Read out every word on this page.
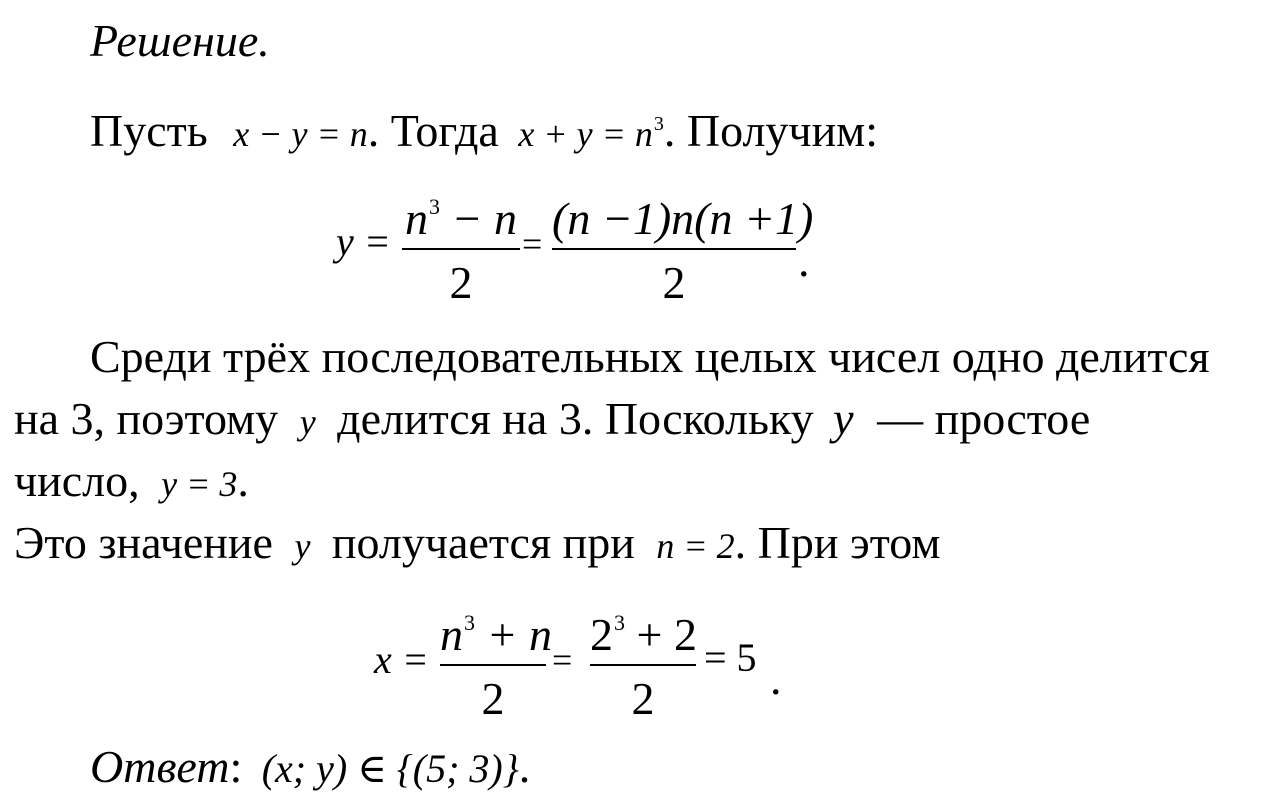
Решение.
Пусть x − y = n. Тогда $x + y = n^3$. Получим:
$y = n^3 - n$
2
= (n −1)n(n +1)
2	.
Среди трёх последовательных целых чисел одно делится
на 3, поэтому y делится на 3. Поскольку y — простое
число, y = 3.
Это значение y получается при n = 2. При этом
$x = n^3 + n$
2
= $2^3 + 2$
2
= 5 .
Ответ: (x; y) ∈ {(5; 3)}.
